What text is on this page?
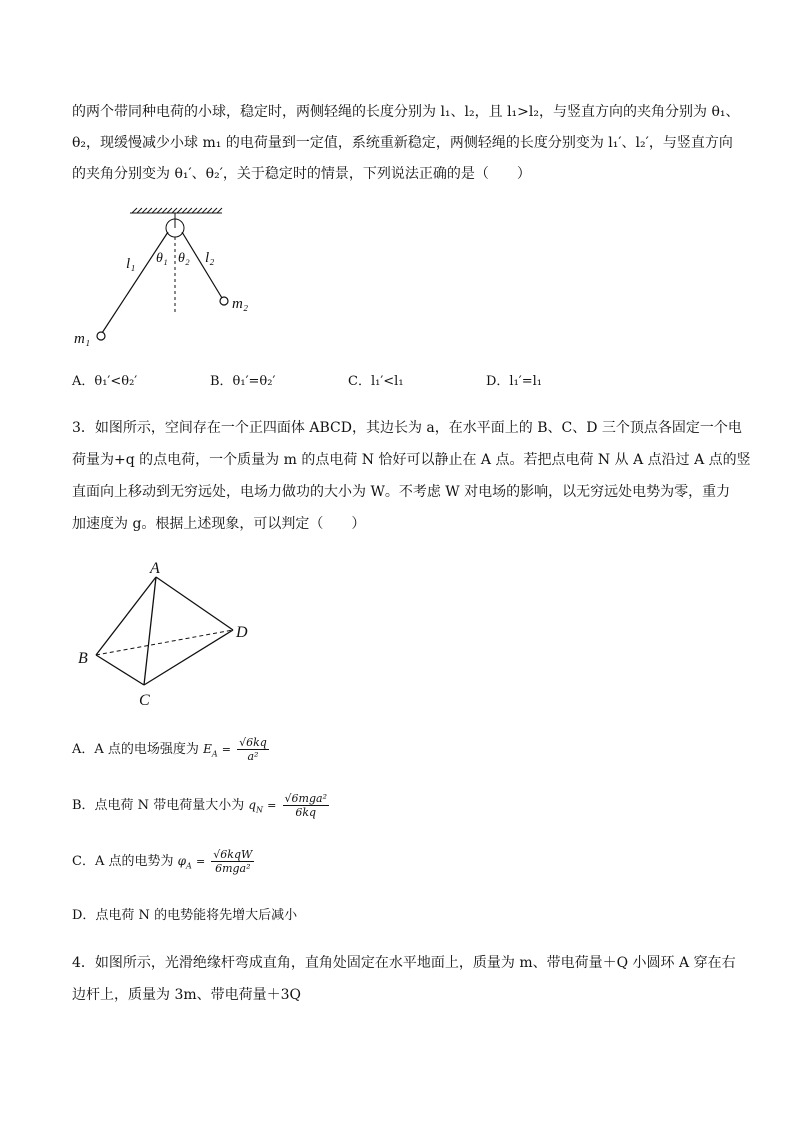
的两个带同种电荷的小球，稳定时，两侧轻绳的长度分别为 l₁、l₂，且 l₁>l₂，与竖直方向的夹角分别为 θ₁、
θ₂，现缓慢减少小球 m₁ 的电荷量到一定值，系统重新稳定，两侧轻绳的长度分别变为 l₁′、l₂′，与竖直方向
的夹角分别变为 θ₁′、θ₂′，关于稳定时的情景，下列说法正确的是（　　）
l₁ θ₁ θ₂ l₂
m₂
m₁
A．θ₁′<θ₂′	B．θ₁′=θ₂′	C．l₁′<l₁	D．l₁′=l₁
3．如图所示，空间存在一个正四面体 ABCD，其边长为 a，在水平面上的 B、C、D 三个顶点各固定一个电
荷量为+q 的点电荷，一个质量为 m 的点电荷 N 恰好可以静止在 A 点。若把点电荷 N 从 A 点沿过 A 点的竖
直面向上移动到无穷远处，电场力做功的大小为 W。不考虑 W 对电场的影响，以无穷远处电势为零，重力
加速度为 g。根据上述现象，可以判定（　　）
A
B
C
D
A．A 点的电场强度为 $E_A = \frac{√6kq}{\text{a²}}$
B．点电荷 N 带电荷量大小为 $q_N = \frac{\text{√6mga²}}{6kq}$
C．A 点的电势为 $\varphi_A = \frac{\text{√6kqW}}{\text{6mga²}}$
D．点电荷 N 的电势能将先增大后减小
4．如图所示，光滑绝缘杆弯成直角，直角处固定在水平地面上，质量为 m、带电荷量＋Q 小圆环 A 穿在右
边杆上，质量为 3m、带电荷量＋3Q
